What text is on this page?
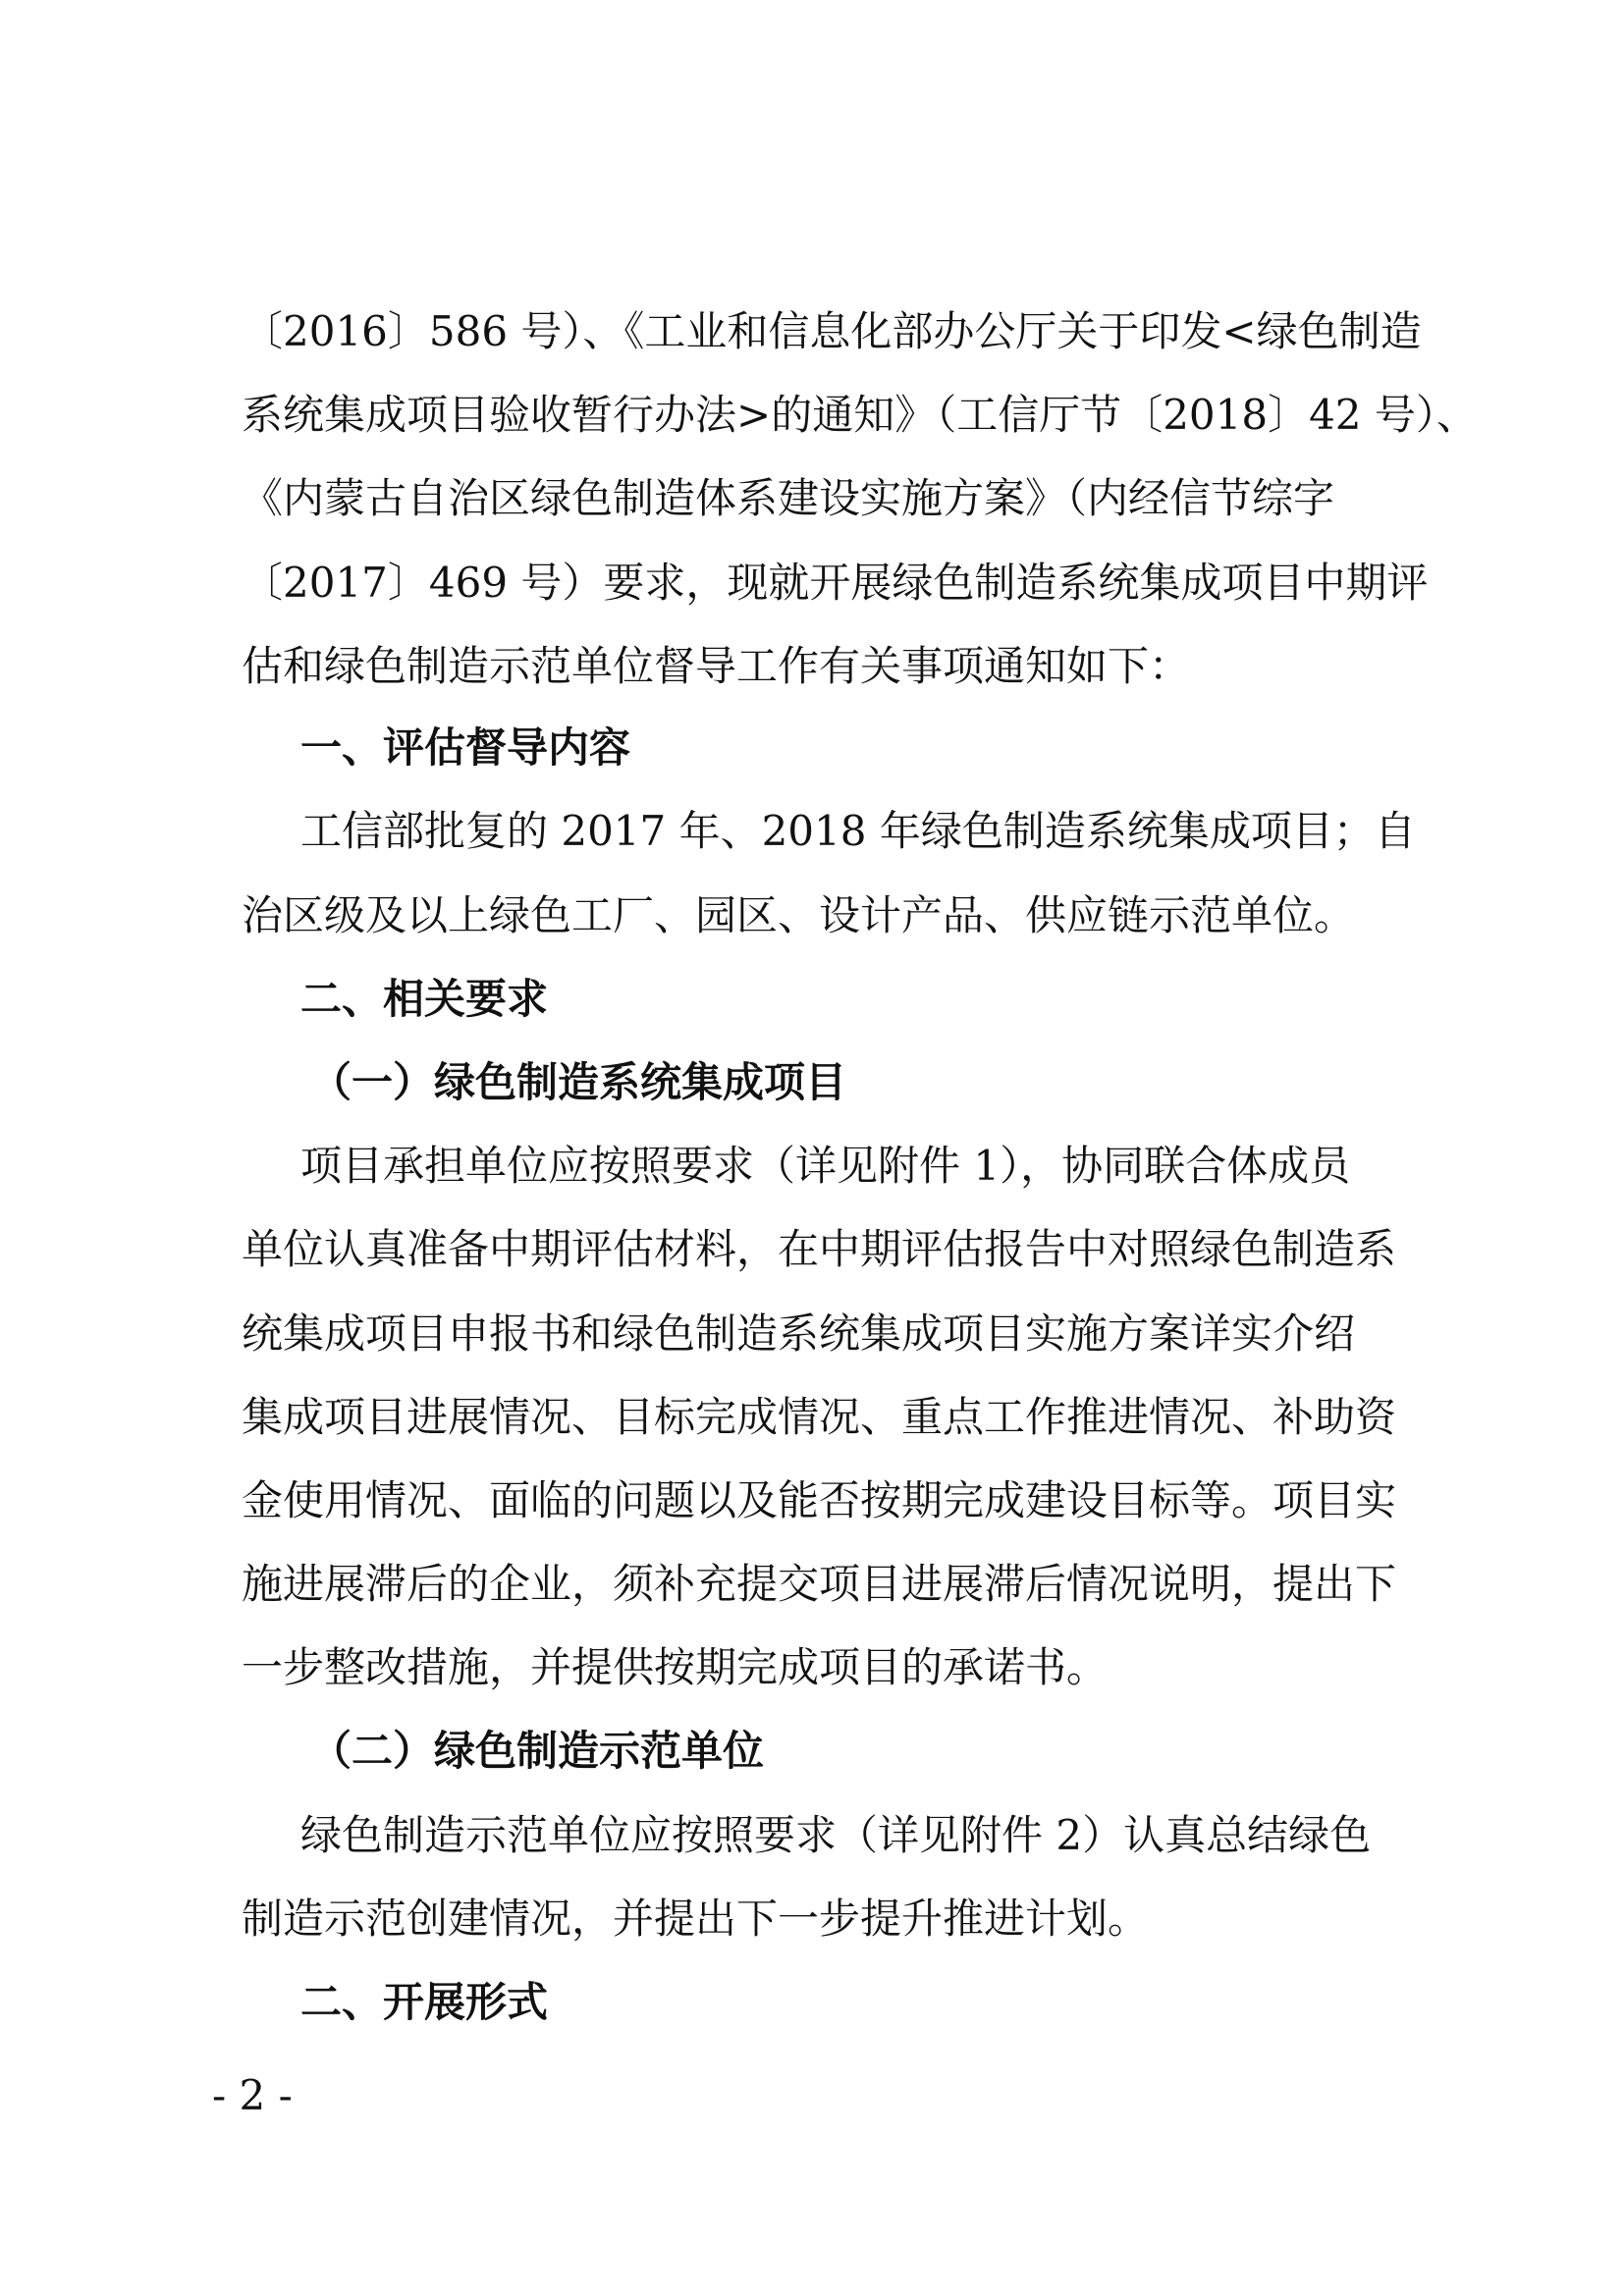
〔2016〕586 号）、《工业和信息化部办公厅关于印发<绿色制造
系统集成项目验收暂行办法>的通知》（工信厅节〔2018〕42 号）、
《内蒙古自治区绿色制造体系建设实施方案》（内经信节综字
〔2017〕469 号）要求，现就开展绿色制造系统集成项目中期评
估和绿色制造示范单位督导工作有关事项通知如下：
一、评估督导内容
工信部批复的 2017 年、2018 年绿色制造系统集成项目；自
治区级及以上绿色工厂、园区、设计产品、供应链示范单位。
二、相关要求
（一）绿色制造系统集成项目
项目承担单位应按照要求（详见附件 1），协同联合体成员
单位认真准备中期评估材料，在中期评估报告中对照绿色制造系
统集成项目申报书和绿色制造系统集成项目实施方案详实介绍
集成项目进展情况、目标完成情况、重点工作推进情况、补助资
金使用情况、面临的问题以及能否按期完成建设目标等。项目实
施进展滞后的企业，须补充提交项目进展滞后情况说明，提出下
一步整改措施，并提供按期完成项目的承诺书。
（二）绿色制造示范单位
绿色制造示范单位应按照要求（详见附件 2）认真总结绿色
制造示范创建情况，并提出下一步提升推进计划。
二、开展形式
- 2 -
